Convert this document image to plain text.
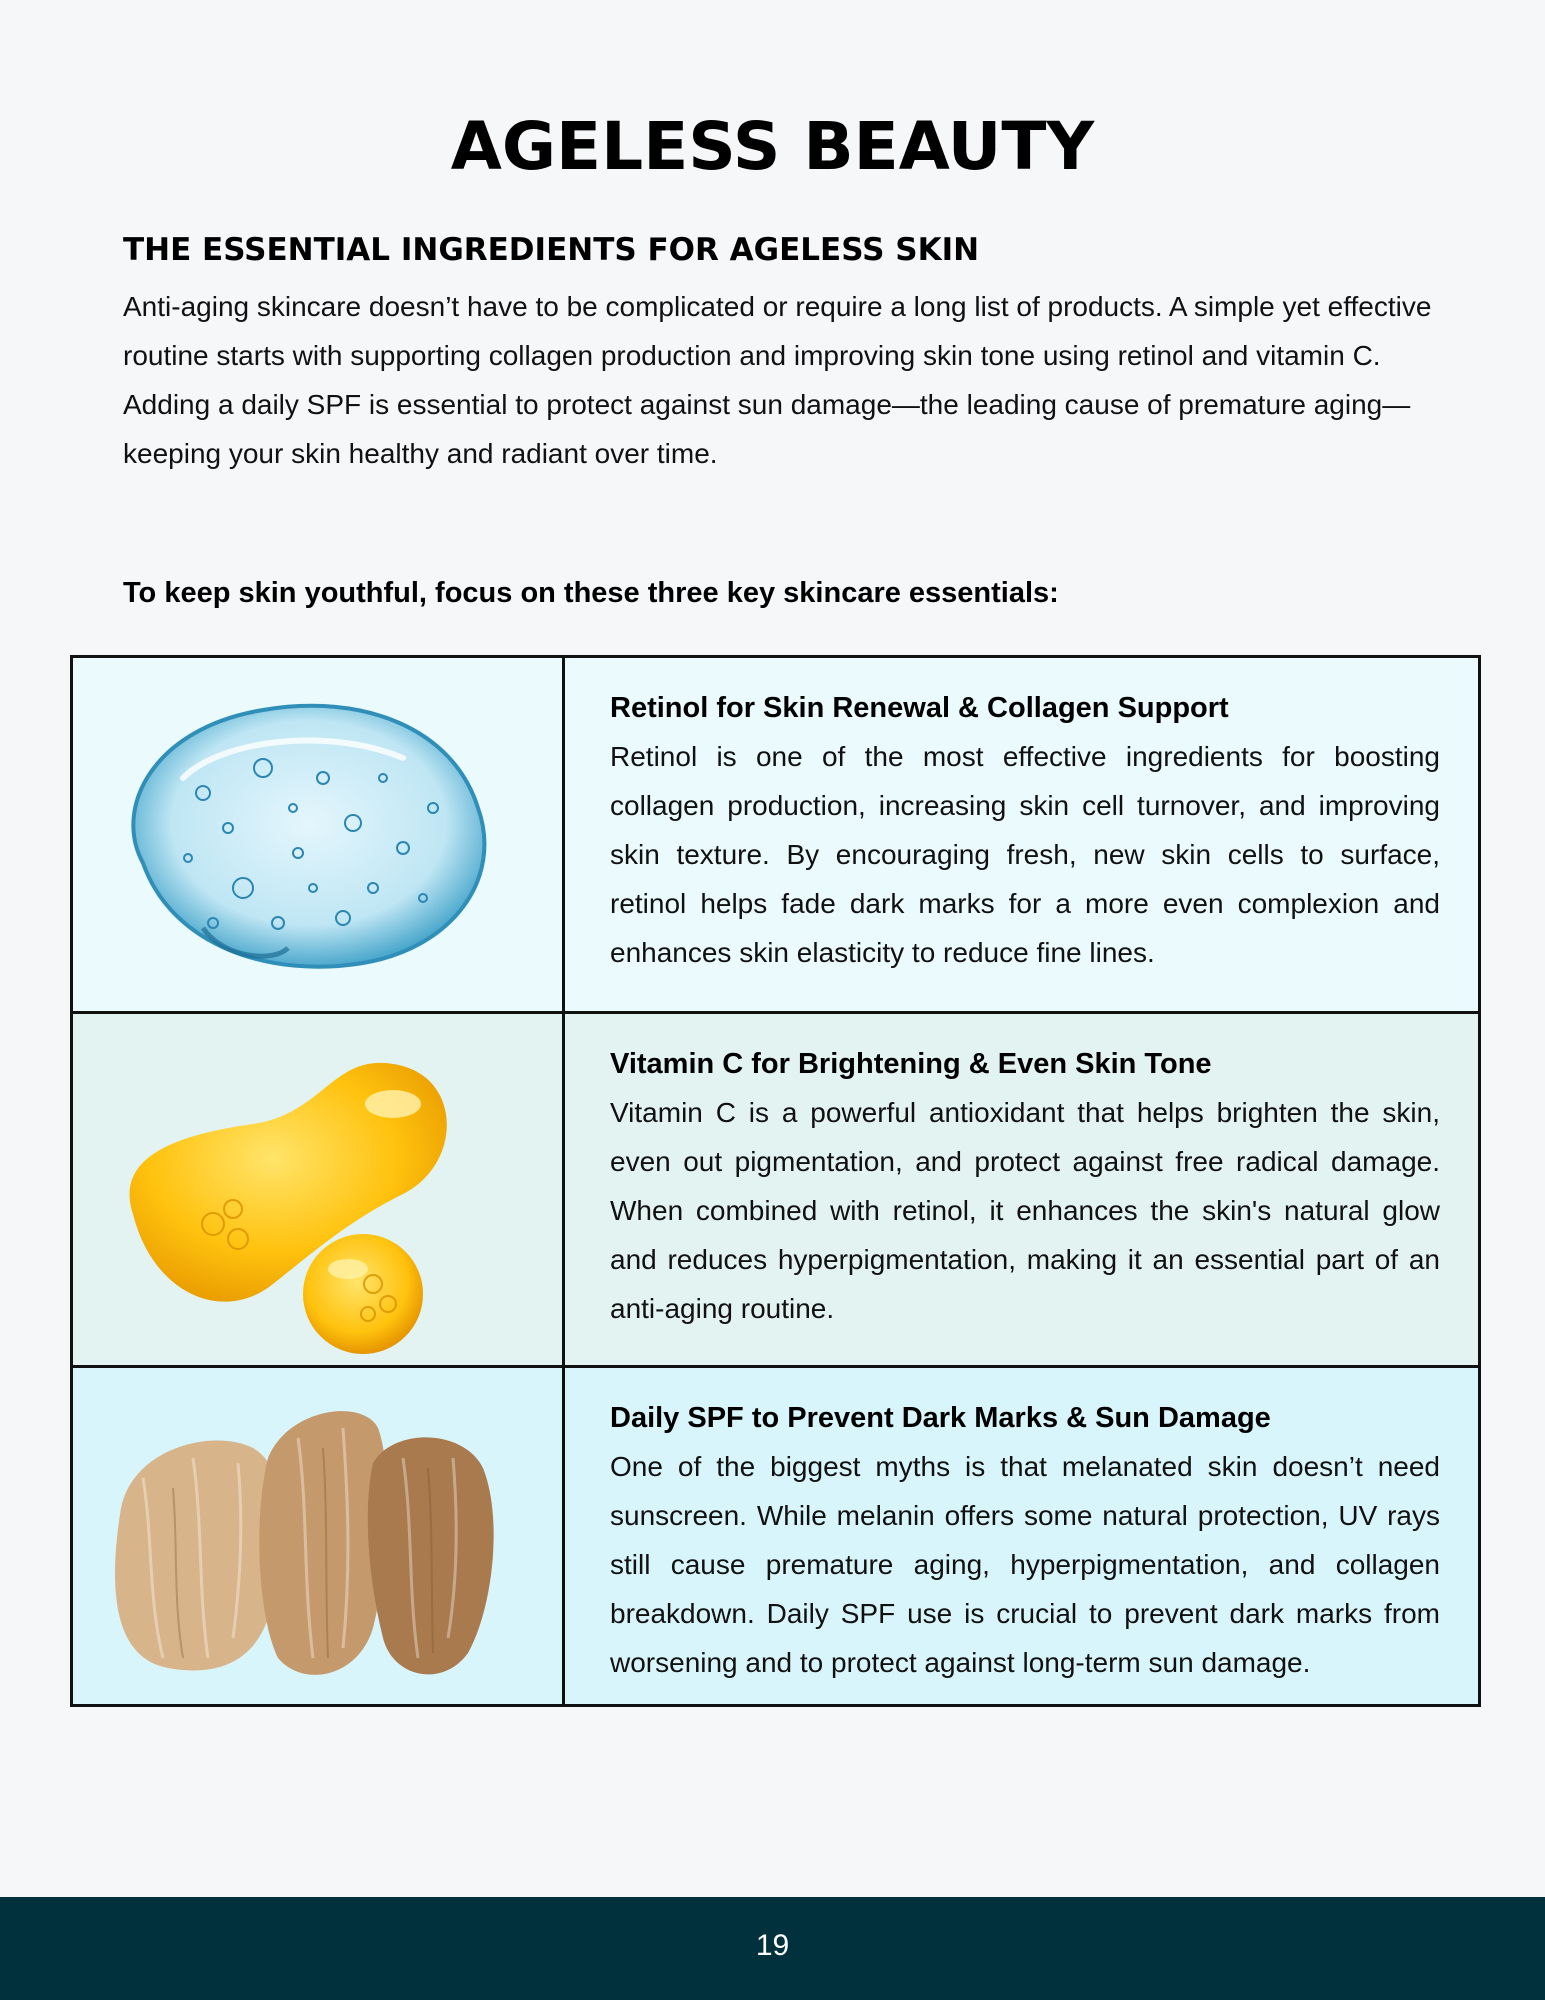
AGELESS BEAUTY
THE ESSENTIAL INGREDIENTS FOR AGELESS SKIN

Anti-aging skincare doesn’t have to be complicated or require a long list of products. A simple yet effective routine starts with supporting collagen production and improving skin tone using retinol and vitamin C. Adding a daily SPF is essential to protect against sun damage—the leading cause of premature aging—keeping your skin healthy and radiant over time.

To keep skin youthful, focus on these three key skincare essentials:

Retinol for Skin Renewal & Collagen Support

Retinol is one of the most effective ingredients for boosting collagen production, increasing skin cell turnover, and improving skin texture. By encouraging fresh, new skin cells to surface, retinol helps fade dark marks for a more even complexion and enhances skin elasticity to reduce fine lines.

Vitamin C for Brightening & Even Skin Tone

Vitamin C is a powerful antioxidant that helps brighten the skin, even out pigmentation, and protect against free radical damage. When combined with retinol, it enhances the skin's natural glow and reduces hyperpigmentation, making it an essential part of an anti-aging routine.

Daily SPF to Prevent Dark Marks & Sun Damage

One of the biggest myths is that melanated skin doesn’t need sunscreen. While melanin offers some natural protection, UV rays still cause premature aging, hyperpigmentation, and collagen breakdown. Daily SPF use is crucial to prevent dark marks from worsening and to protect against long-term sun damage.

19
